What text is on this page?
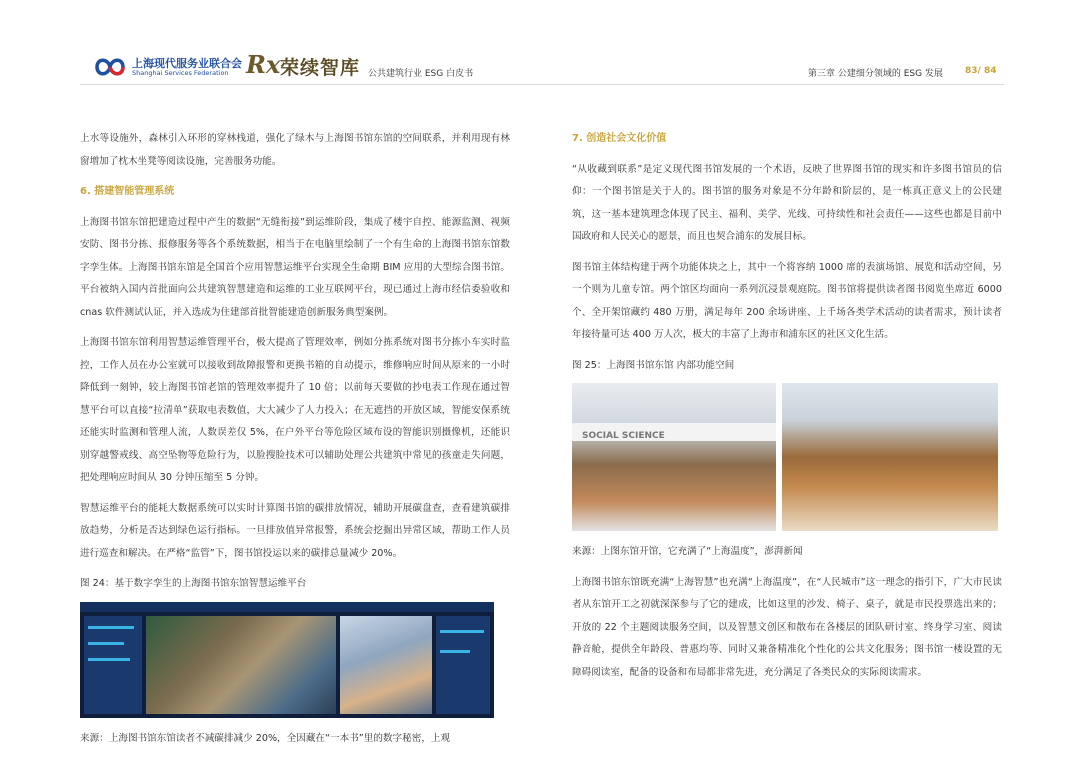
上海现代服务业联合会
Shanghai Services Federation Rx 荣续智库 公共建筑行业 ESG 白皮书	第三章 公建细分领域的 ESG 发展 83/ 84

上水等设施外，森林引入环形的穿林栈道，强化了绿木与上海图书馆东馆的空间联系，并利用现有林窗增加了枕木坐凳等阅读设施，完善服务功能。

6. 搭建智能管理系统

上海图书馆东馆把建造过程中产生的数据“无缝衔接”到运维阶段，集成了楼宇自控、能源监测、视频安防、图书分拣、报修服务等各个系统数据，相当于在电脑里绘制了一个有生命的上海图书馆东馆数字孪生体。上海图书馆东馆是全国首个应用智慧运维平台实现全生命期 BIM 应用的大型综合图书馆。平台被纳入国内首批面向公共建筑智慧建造和运维的工业互联网平台，现已通过上海市经信委验收和 cnas 软件测试认证，并入选成为住建部首批智能建造创新服务典型案例。

上海图书馆东馆利用智慧运维管理平台，极大提高了管理效率，例如分拣系统对图书分拣小车实时监控，工作人员在办公室就可以接收到故障报警和更换书箱的自动提示，维修响应时间从原来的一小时降低到一刻钟，较上海图书馆老馆的管理效率提升了 10 倍；以前每天要做的抄电表工作现在通过智慧平台可以直接“拉清单”获取电表数值，大大减少了人力投入；在无遮挡的开放区域，智能安保系统还能实时监测和管理人流，人数误差仅 5%，在户外平台等危险区域布设的智能识别摄像机，还能识别穿越警戒线、高空坠物等危险行为，以脸搜脸技术可以辅助处理公共建筑中常见的孩童走失问题，把处理响应时间从 30 分钟压缩至 5 分钟。

智慧运维平台的能耗大数据系统可以实时计算图书馆的碳排放情况，辅助开展碳盘查，查看建筑碳排放趋势，分析是否达到绿色运行指标。一旦排放值异常报警，系统会挖掘出异常区域，帮助工作人员进行巡查和解决。在严格“监管”下，图书馆投运以来的碳排总量减少 20%。

图 24：基于数字孪生的上海图书馆东馆智慧运维平台
来源：上海图书馆东馆读者不减碳排减少 20%，全因藏在“一本书”里的数字秘密，上观
7. 创造社会文化价值

“从收藏到联系”是定义现代图书馆发展的一个术语，反映了世界图书馆的现实和许多图书馆员的信仰：一个图书馆是关于人的。图书馆的服务对象是不分年龄和阶层的，是一栋真正意义上的公民建筑，这一基本建筑理念体现了民主、福利、美学、光线、可持续性和社会责任——这些也都是目前中国政府和人民关心的愿景，而且也契合浦东的发展目标。

图书馆主体结构建于两个功能体块之上，其中一个将容纳 1000 席的表演场馆、展览和活动空间，另一个则为儿童专馆。两个馆区均面向一系列沉浸景观庭院。图书馆将提供读者图书阅览坐席近 6000 个、全开架馆藏约 480 万册，满足每年 200 余场讲座、上千场各类学术活动的读者需求，预计读者年接待量可达 400 万人次，极大的丰富了上海市和浦东区的社区文化生活。

图 25：上海图书馆东馆 内部功能空间
SOCIAL SCIENCE
来源：上图东馆开馆，它充满了“上海温度”，澎湃新闻

上海图书馆东馆既充满“上海智慧”也充满“上海温度”，在“人民城市”这一理念的指引下，广大市民读者从东馆开工之初就深深参与了它的建成，比如这里的沙发、椅子、桌子，就是市民投票选出来的；开放的 22 个主题阅读服务空间，以及智慧文创区和散布在各楼层的团队研讨室、终身学习室、阅读静音舱，提供全年龄段、普惠均等、同时又兼备精准化个性化的公共文化服务；图书馆一楼设置的无障碍阅读室，配备的设备和布局都非常先进，充分满足了各类民众的实际阅读需求。
